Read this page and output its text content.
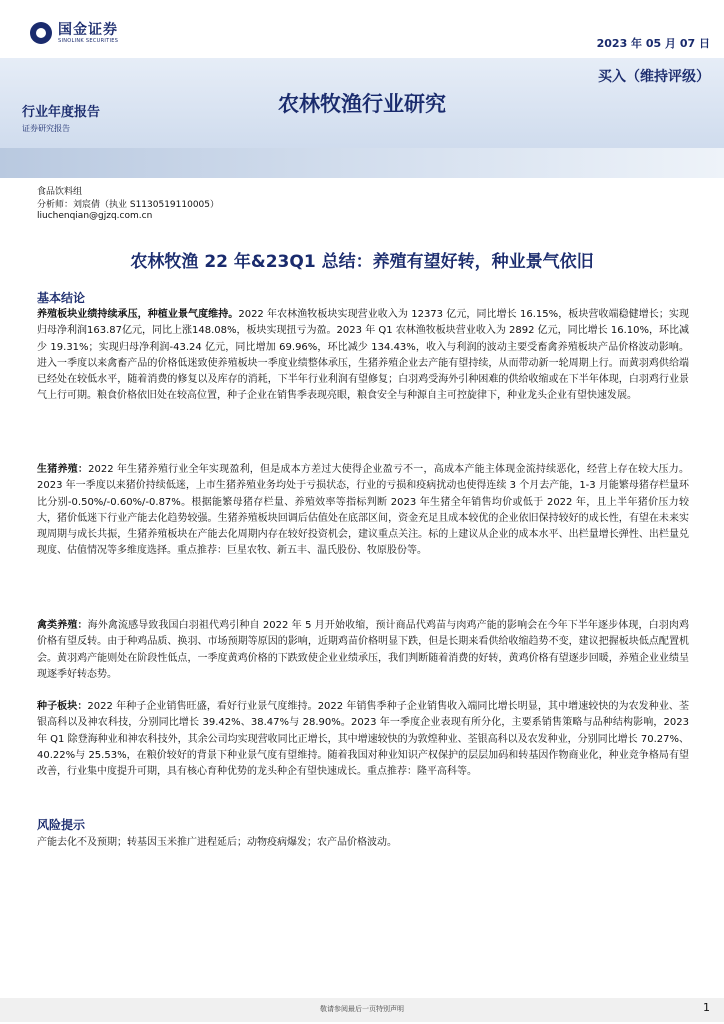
国金证券
SINOLINK SECURITIES	2023 年 05 月 07 日
买入（维持评级）
行业年度报告
证券研究报告
农林牧渔行业研究
食品饮料组
分析师：刘宸倩（执业 S1130519110005）
liuchenqian@gjzq.com.cn
农林牧渔 22 年&23Q1 总结：养殖有望好转，种业景气依旧
基本结论
养殖板块业绩持续承压，种植业景气度维持。2022 年农林渔牧板块实现营业收入为 12373 亿元，同比增长 16.15%，板块营收端稳健增长；实现归母净利润163.87亿元，同比上涨148.08%，板块实现扭亏为盈。2023 年 Q1 农林渔牧板块营业收入为 2892 亿元，同比增长 16.10%，环比减少 19.31%；实现归母净利润-43.24 亿元，同比增加 69.96%，环比减少 134.43%，收入与利润的波动主要受畜禽养殖板块产品价格波动影响。进入一季度以来禽畜产品的价格低迷致使养殖板块一季度业绩整体承压，生猪养殖企业去产能有望持续，从而带动新一轮周期上行。而黄羽鸡供给端已经处在较低水平，随着消费的修复以及库存的消耗，下半年行业利润有望修复；白羽鸡受海外引种困难的供给收缩或在下半年体现，白羽鸡行业景气上行可期。粮食价格依旧处在较高位置，种子企业在销售季表现亮眼，粮食安全与种源自主可控旋律下，种业龙头企业有望快速发展。
生猪养殖：2022 年生猪养殖行业全年实现盈利，但是成本方差过大使得企业盈亏不一，高成本产能主体现金流持续恶化，经营上存在较大压力。2023 年一季度以来猪价持续低迷，上市生猪养殖业务均处于亏损状态，行业的亏损和疫病扰动也使得连续 3 个月去产能，1-3 月能繁母猪存栏量环比分别-0.50%/-0.60%/-0.87%。根据能繁母猪存栏量、养殖效率等指标判断 2023 年生猪全年销售均价或低于 2022 年，且上半年猪价压力较大，猪价低迷下行业产能去化趋势较强。生猪养殖板块回调后估值处在底部区间，资金充足且成本较优的企业依旧保持较好的成长性，有望在未来实现周期与成长共振，生猪养殖板块在产能去化周期内存在较好投资机会，建议重点关注。标的上建议从企业的成本水平、出栏量增长弹性、出栏量兑现度、估值情况等多维度选择。重点推荐：巨星农牧、新五丰、温氏股份、牧原股份等。
禽类养殖：海外禽流感导致我国白羽祖代鸡引种自 2022 年 5 月开始收缩，预计商品代鸡苗与肉鸡产能的影响会在今年下半年逐步体现，白羽肉鸡价格有望反转。由于种鸡品质、换羽、市场预期等原因的影响，近期鸡苗价格明显下跌，但是长期来看供给收缩趋势不变，建议把握板块低点配置机会。黄羽鸡产能则处在阶段性低点，一季度黄鸡价格的下跌致使企业业绩承压，我们判断随着消费的好转，黄鸡价格有望逐步回暖，养殖企业业绩呈现逐季好转态势。
种子板块：2022 年种子企业销售旺盛，看好行业景气度维持。2022 年销售季种子企业销售收入端同比增长明显，其中增速较快的为农发种业、荃银高科以及神农科技，分别同比增长 39.42%、38.47%与 28.90%。2023 年一季度企业表现有所分化，主要系销售策略与品种结构影响，2023 年 Q1 除登海种业和神农科技外，其余公司均实现营收同比正增长，其中增速较快的为敦煌种业、荃银高科以及农发种业，分别同比增长 70.27%、40.22%与 25.53%，在粮价较好的背景下种业景气度有望维持。随着我国对种业知识产权保护的层层加码和转基因作物商业化，种业竞争格局有望改善，行业集中度提升可期，具有核心育种优势的龙头种企有望快速成长。重点推荐：隆平高科等。
风险提示
产能去化不及预期；转基因玉米推广进程延后；动物疫病爆发；农产品价格波动。
敬请参阅最后一页特别声明	1
